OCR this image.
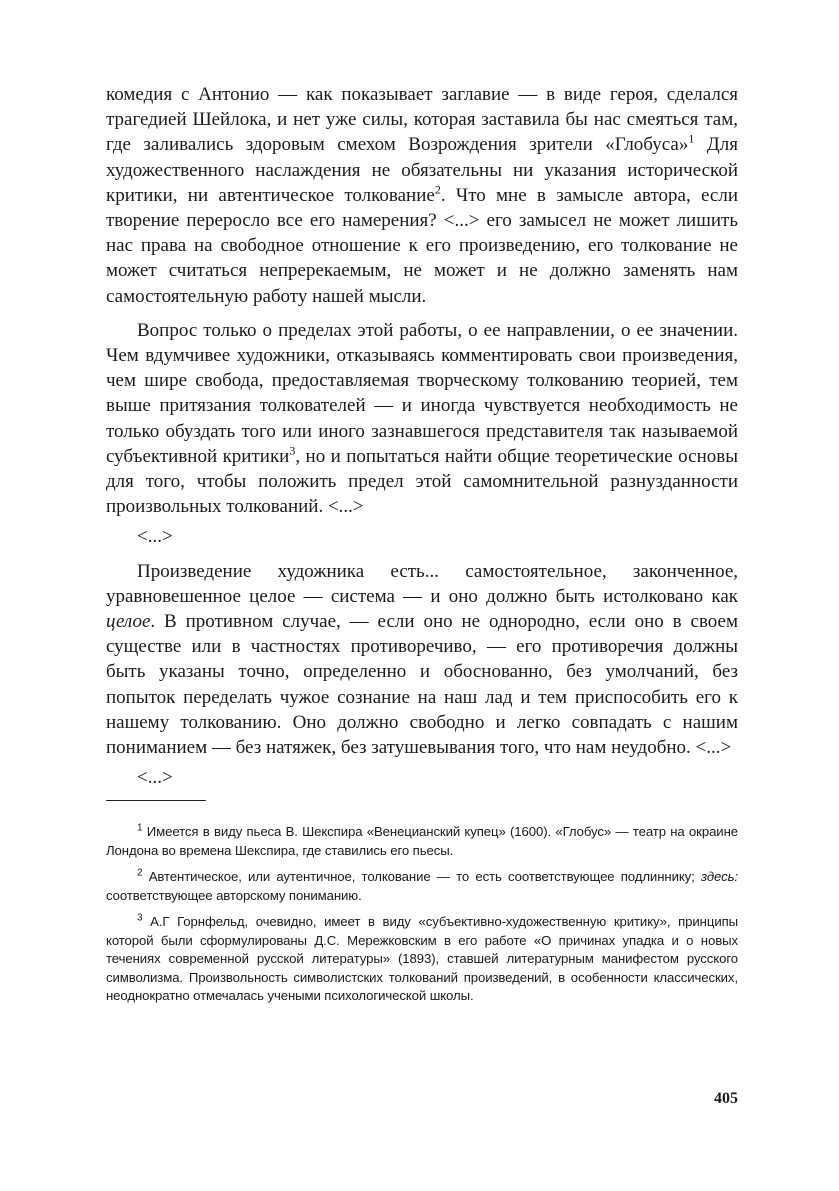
комедия с Антонио — как показывает заглавие — в виде героя, сделался трагедией Шейлока, и нет уже силы, которая заставила бы нас смеяться там, где заливались здоровым смехом Возрождения зрители «Глобуса»$^1$ Для художественного наслаждения не обязательны ни указания исторической критики, ни автентическое толкование$^2$. Что мне в замысле автора, если творение переросло все его намерения? <...> его замысел не может лишить нас права на свободное отношение к его произведению, его толкование не может считаться непререкаемым, не может и не должно заменять нам самостоятельную работу нашей мысли.

Вопрос только о пределах этой работы, о ее направлении, о ее значении. Чем вдумчивее художники, отказываясь комментировать свои произведения, чем шире свобода, предоставляемая творческому толкованию теорией, тем выше притязания толкователей — и иногда чувствуется необходимость не только обуздать того или иного зазнавшегося представителя так называемой субъективной критики$^3$, но и попытаться найти общие теоретические основы для того, чтобы положить предел этой самомнительной разнузданности произвольных толкований. <...>

<...>

Произведение художника есть... самостоятельное, законченное, уравновешенное целое — система — и оно должно быть истолковано как целое. В противном случае, — если оно не однородно, если оно в своем существе или в частностях противоречиво, — его противоречия должны быть указаны точно, определенно и обоснованно, без умолчаний, без попыток переделать чужое сознание на наш лад и тем приспособить его к нашему толкованию. Оно должно свободно и легко совпадать с нашим пониманием — без натяжек, без затушевывания того, что нам неудобно. <...>

<...>

$^1$ Имеется в виду пьеса В. Шекспира «Венецианский купец» (1600). «Глобус» — театр на окраине Лондона во времена Шекспира, где ставились его пьесы.

$^2$ Автентическое, или аутентичное, толкование — то есть соответствующее подлиннику; здесь: соответствующее авторскому пониманию.

$^3$ А.Г Горнфельд, очевидно, имеет в виду «субъективно-художественную критику», принципы которой были сформулированы Д.С. Мережковским в его работе «О причинах упадка и о новых течениях современной русской литературы» (1893), ставшей литературным манифестом русского символизма. Произвольность символистских толкований произведений, в особенности классических, неоднократно отмечалась учеными психологической школы.

405
